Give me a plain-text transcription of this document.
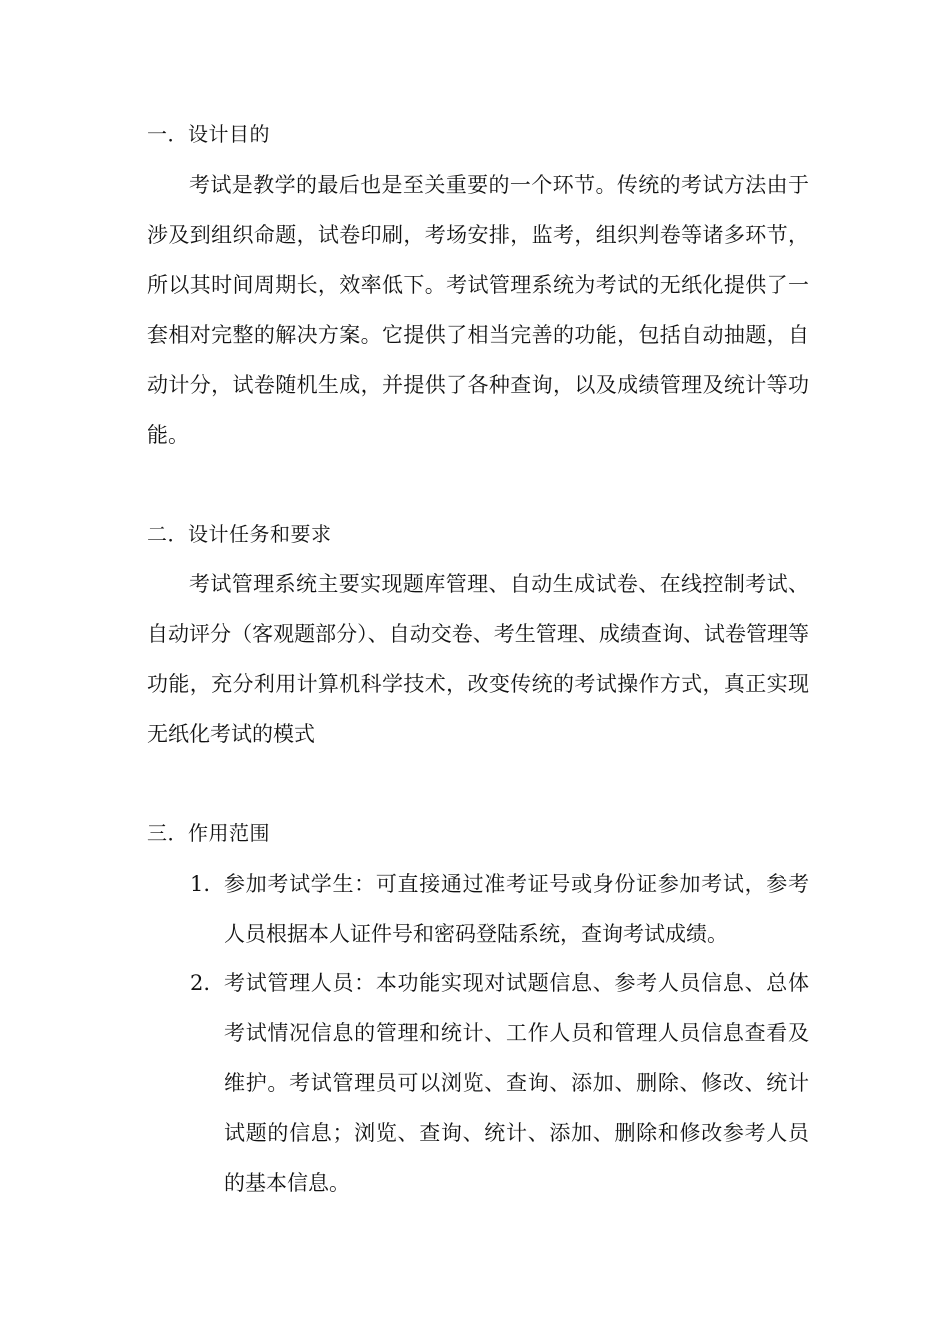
一．设计目的

考试是教学的最后也是至关重要的一个环节。传统的考试方法由于涉及到组织命题，试卷印刷，考场安排，监考，组织判卷等诸多环节，所以其时间周期长，效率低下。考试管理系统为考试的无纸化提供了一套相对完整的解决方案。它提供了相当完善的功能，包括自动抽题，自动计分，试卷随机生成，并提供了各种查询，以及成绩管理及统计等功能。

二．设计任务和要求

考试管理系统主要实现题库管理、自动生成试卷、在线控制考试、自动评分（客观题部分）、自动交卷、考生管理、成绩查询、试卷管理等功能，充分利用计算机科学技术，改变传统的考试操作方式，真正实现无纸化考试的模式

三．作用范围
1. 参加考试学生：可直接通过准考证号或身份证参加考试，参考人员根据本人证件号和密码登陆系统，查询考试成绩。
2. 考试管理人员：本功能实现对试题信息、参考人员信息、总体考试情况信息的管理和统计、工作人员和管理人员信息查看及维护。考试管理员可以浏览、查询、添加、删除、修改、统计试题的信息；浏览、查询、统计、添加、删除和修改参考人员的基本信息。
